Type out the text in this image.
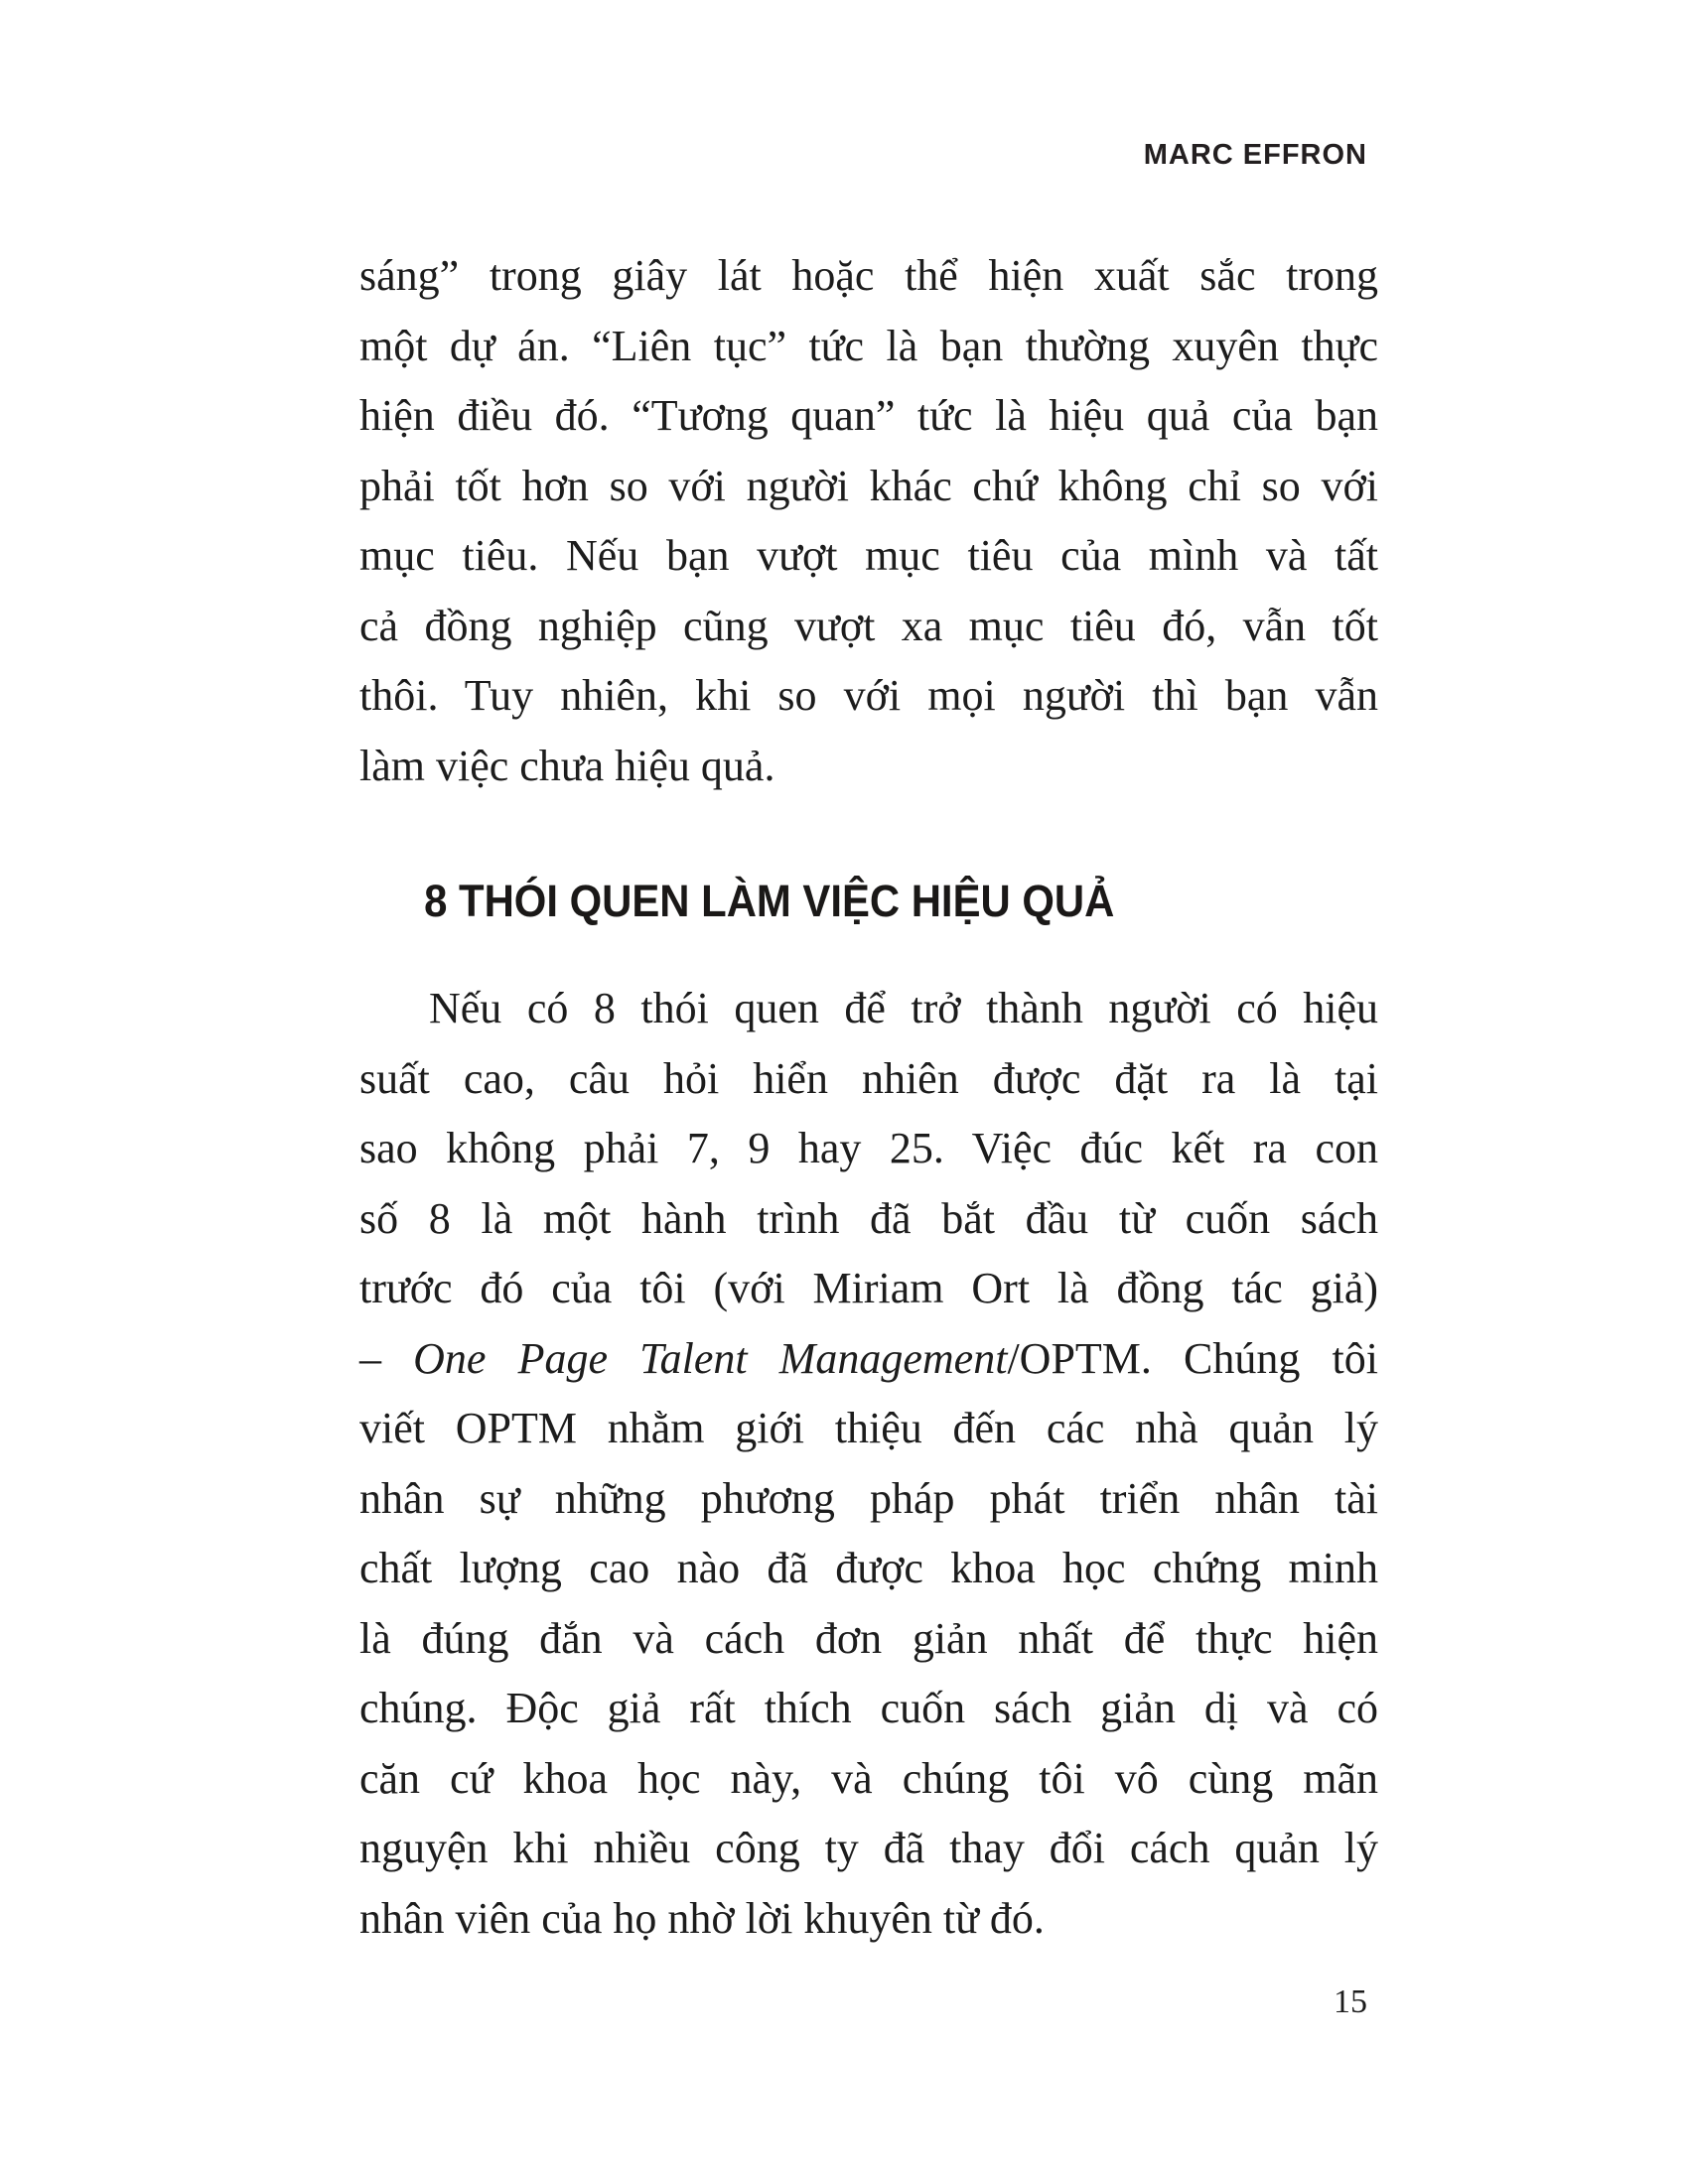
MARC EFFRON
sáng” trong giây lát hoặc thể hiện xuất sắc trong
một dự án. “Liên tục” tức là bạn thường xuyên thực
hiện điều đó. “Tương quan” tức là hiệu quả của bạn
phải tốt hơn so với người khác chứ không chỉ so với
mục tiêu. Nếu bạn vượt mục tiêu của mình và tất
cả đồng nghiệp cũng vượt xa mục tiêu đó, vẫn tốt
thôi. Tuy nhiên, khi so với mọi người thì bạn vẫn
làm việc chưa hiệu quả.
8 THÓI QUEN LÀM VIỆC HIỆU QUẢ
Nếu có 8 thói quen để trở thành người có hiệu
suất cao, câu hỏi hiển nhiên được đặt ra là tại
sao không phải 7, 9 hay 25. Việc đúc kết ra con
số 8 là một hành trình đã bắt đầu từ cuốn sách
trước đó của tôi (với Miriam Ort là đồng tác giả)
– One Page Talent Management/OPTM. Chúng tôi
viết OPTM nhằm giới thiệu đến các nhà quản lý
nhân sự những phương pháp phát triển nhân tài
chất lượng cao nào đã được khoa học chứng minh
là đúng đắn và cách đơn giản nhất để thực hiện
chúng. Độc giả rất thích cuốn sách giản dị và có
căn cứ khoa học này, và chúng tôi vô cùng mãn
nguyện khi nhiều công ty đã thay đổi cách quản lý
nhân viên của họ nhờ lời khuyên từ đó.
15
